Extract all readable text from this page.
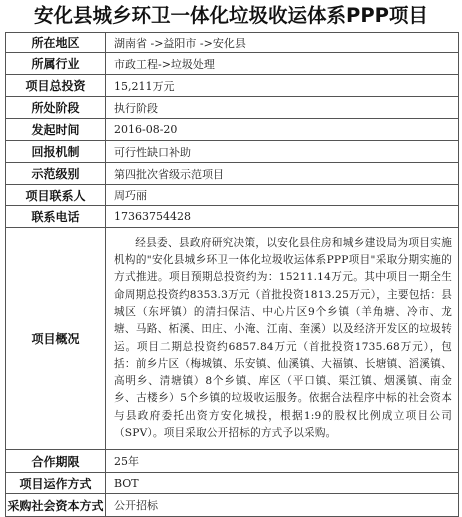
安化县城乡环卫一体化垃圾收运体系PPP项目
所在地区	湖南省 ->益阳市 ->安化县
所属行业	市政工程->垃圾处理
项目总投资	15,211万元
所处阶段	执行阶段
发起时间	2016-08-20
回报机制	可行性缺口补助
示范级别	第四批次省级示范项目
项目联系人	周巧丽
联系电话	17363754428
项目概况	经县委、县政府研究决策，以安化县住房和城乡建设局为项目实施机构的"安化县城乡环卫一体化垃圾收运体系PPP项目"采取分期实施的方式推进。项目预期总投资约为：15211.14万元。其中项目一期全生命周期总投资约8353.3万元（首批投资1813.25万元），主要包括：县城区（东坪镇）的清扫保洁、中心片区9个乡镇（羊角塘、冷市、龙塘、马路、柘溪、田庄、小淹、江南、奎溪）以及经济开发区的垃圾转运。项目二期总投资约6857.84万元（首批投资1735.68万元），包括：前乡片区（梅城镇、乐安镇、仙溪镇、大福镇、长塘镇、滔溪镇、高明乡、清塘镇）8个乡镇、库区（平口镇、渠江镇、烟溪镇、南金乡、古楼乡）5个乡镇的垃圾收运服务。依据合法程序中标的社会资本与县政府委托出资方安化城投，根据1:9的股权比例成立项目公司（SPV）。项目采取公开招标的方式予以采购。
合作期限	25年
项目运作方式	BOT
采购社会资本方式	公开招标
